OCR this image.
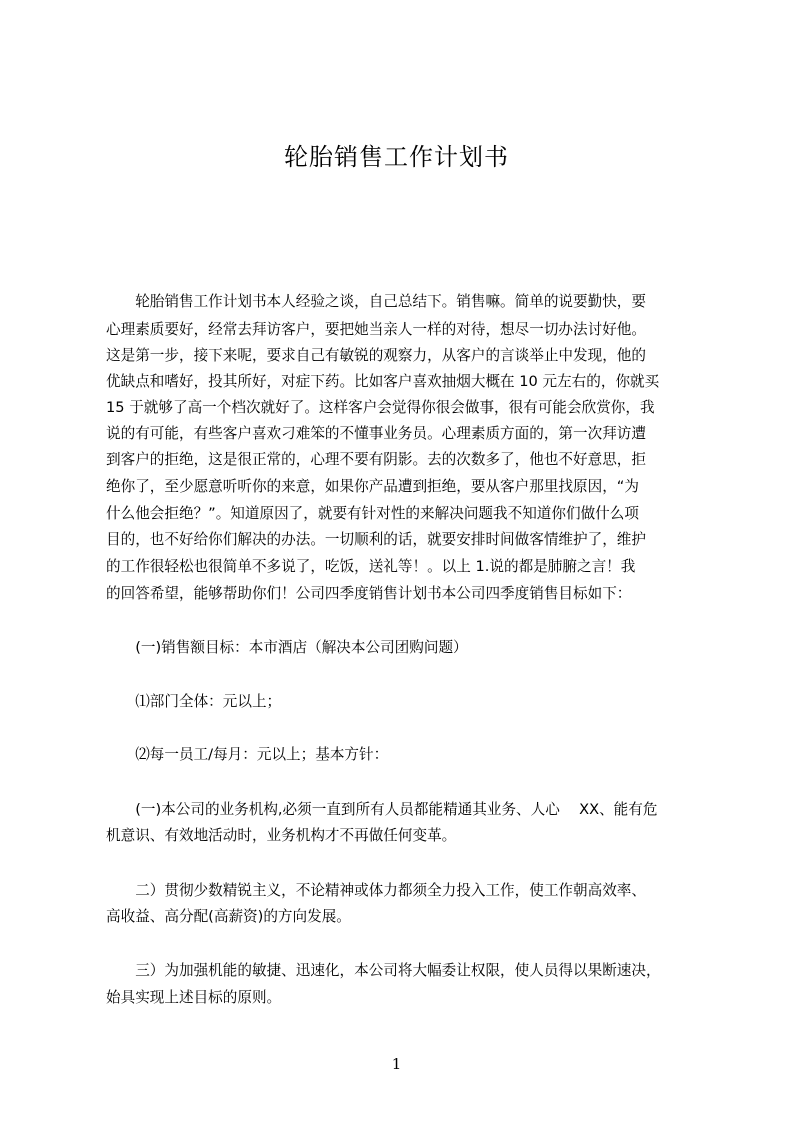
轮胎销售工作计划书
　　轮胎销售工作计划书本人经验之谈，自己总结下。销售嘛。简单的说要勤快，要
心理素质要好，经常去拜访客户，要把她当亲人一样的对待，想尽一切办法讨好他。
这是第一步，接下来呢，要求自己有敏锐的观察力，从客户的言谈举止中发现，他的
优缺点和嗜好，投其所好，对症下药。比如客户喜欢抽烟大概在 10 元左右的，你就买
15 于就够了高一个档次就好了。这样客户会觉得你很会做事，很有可能会欣赏你，我
说的有可能，有些客户喜欢刁难笨的不懂事业务员。心理素质方面的，第一次拜访遭
到客户的拒绝，这是很正常的，心理不要有阴影。去的次数多了，他也不好意思，拒
绝你了，至少愿意听听你的来意，如果你产品遭到拒绝，要从客户那里找原因，“为
什么他会拒绝？”。知道原因了，就要有针对性的来解决问题我不知道你们做什么项
目的，也不好给你们解决的办法。一切顺利的话，就要安排时间做客情维护了，维护
的工作很轻松也很简单不多说了，吃饭，送礼等！。以上 1.说的都是肺腑之言！我
的回答希望，能够帮助你们！公司四季度销售计划书本公司四季度销售目标如下：
　　(一)销售额目标：本市酒店（解决本公司团购问题）
　　⑴部门全体：元以上；
　　⑵每一员工/每月：元以上；基本方针：
　　(一)本公司的业务机构,必须一直到所有人员都能精通其业务、人心　 XX、能有危
机意识、有效地活动时，业务机构才不再做任何变革。
　　二）贯彻少数精锐主义，不论精神或体力都须全力投入工作，使工作朝高效率、
高收益、高分配(高薪资)的方向发展。
　　三）为加强机能的敏捷、迅速化，本公司将大幅委让权限，使人员得以果断速决，
始具实现上述目标的原则。
1
